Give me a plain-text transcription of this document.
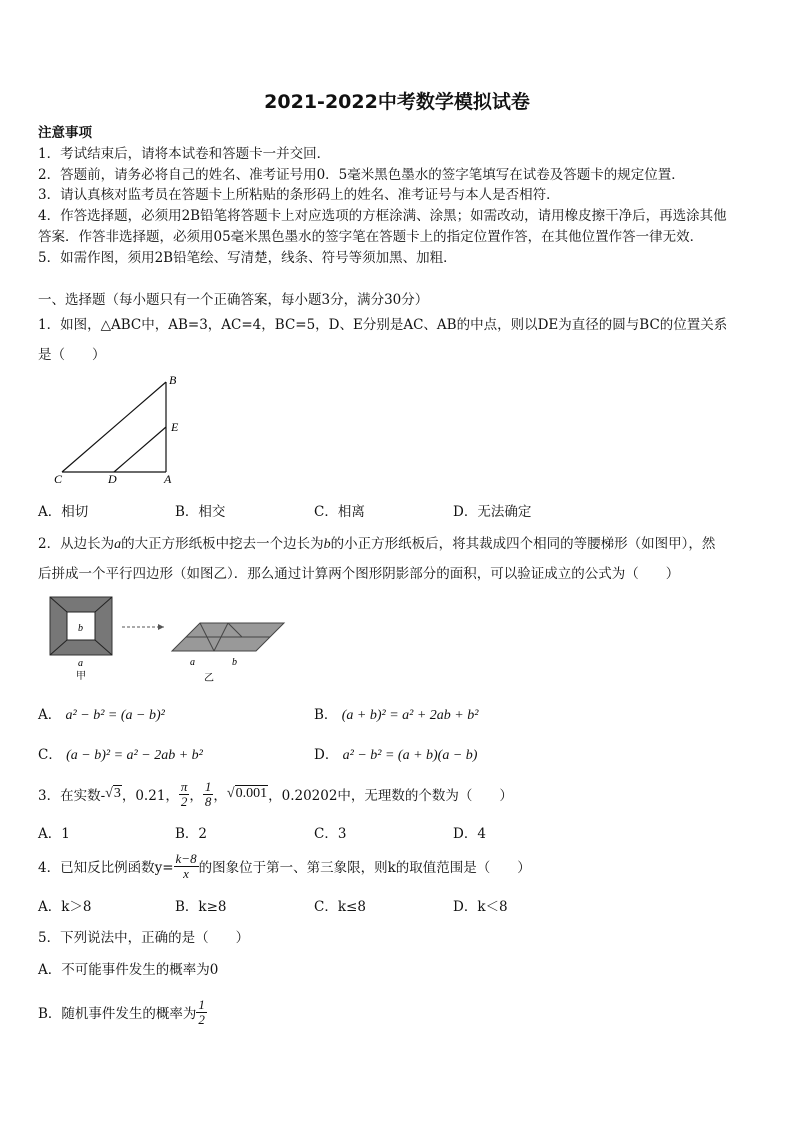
2021-2022中考数学模拟试卷
注意事项
1．考试结束后，请将本试卷和答题卡一并交回．
2．答题前，请务必将自己的姓名、准考证号用0．5毫米黑色墨水的签字笔填写在试卷及答题卡的规定位置．
3．请认真核对监考员在答题卡上所粘贴的条形码上的姓名、准考证号与本人是否相符．
4．作答选择题，必须用2B铅笔将答题卡上对应选项的方框涂满、涂黑；如需改动，请用橡皮擦干净后，再选涂其他
答案．作答非选择题，必须用05毫米黑色墨水的签字笔在答题卡上的指定位置作答，在其他位置作答一律无效．
5．如需作图，须用2B铅笔绘、写清楚，线条、符号等须加黑、加粗．
一、选择题（每小题只有一个正确答案，每小题3分，满分30分）
1．如图，△ABC中，AB=3，AC=4，BC=5，D、E分别是AC、AB的中点，则以DE为直径的圆与BC的位置关系
是（　　）
B
E
C	D	A
A．相切	B．相交	C．相离	D．无法确定
2．从边长为a的大正方形纸板中挖去一个边长为b的小正方形纸板后，将其裁成四个相同的等腰梯形（如图甲），然
后拼成一个平行四边形（如图乙）．那么通过计算两个图形阴影部分的面积，可以验证成立的公式为（　　）
b
a
甲
a	b
乙
A． a² − b² = (a − b)²	B． (a + b)² = a² + 2ab + b²
C． (a − b)² = a² − 2ab + b²	D． a² − b² = (a + b)(a − b)
3．在实数- √3 ，0.21， $\frac{\pi}{2}$ ， $\frac{1}{8}$ ， √0.001 ，0.20202中，无理数的个数为（　　）
A．1	B．2	C．3	D．4
4．已知反比例函数$y= \frac{k-8}{x}$ 的图象位于第一、第三象限，则k的取值范围是（　　）
A．k＞8	B．k≥8	C．k≤8	D．k＜8
5．下列说法中，正确的是（　　）
A．不可能事件发生的概率为0
B．随机事件发生的概率为 $\frac{1}{2}$
